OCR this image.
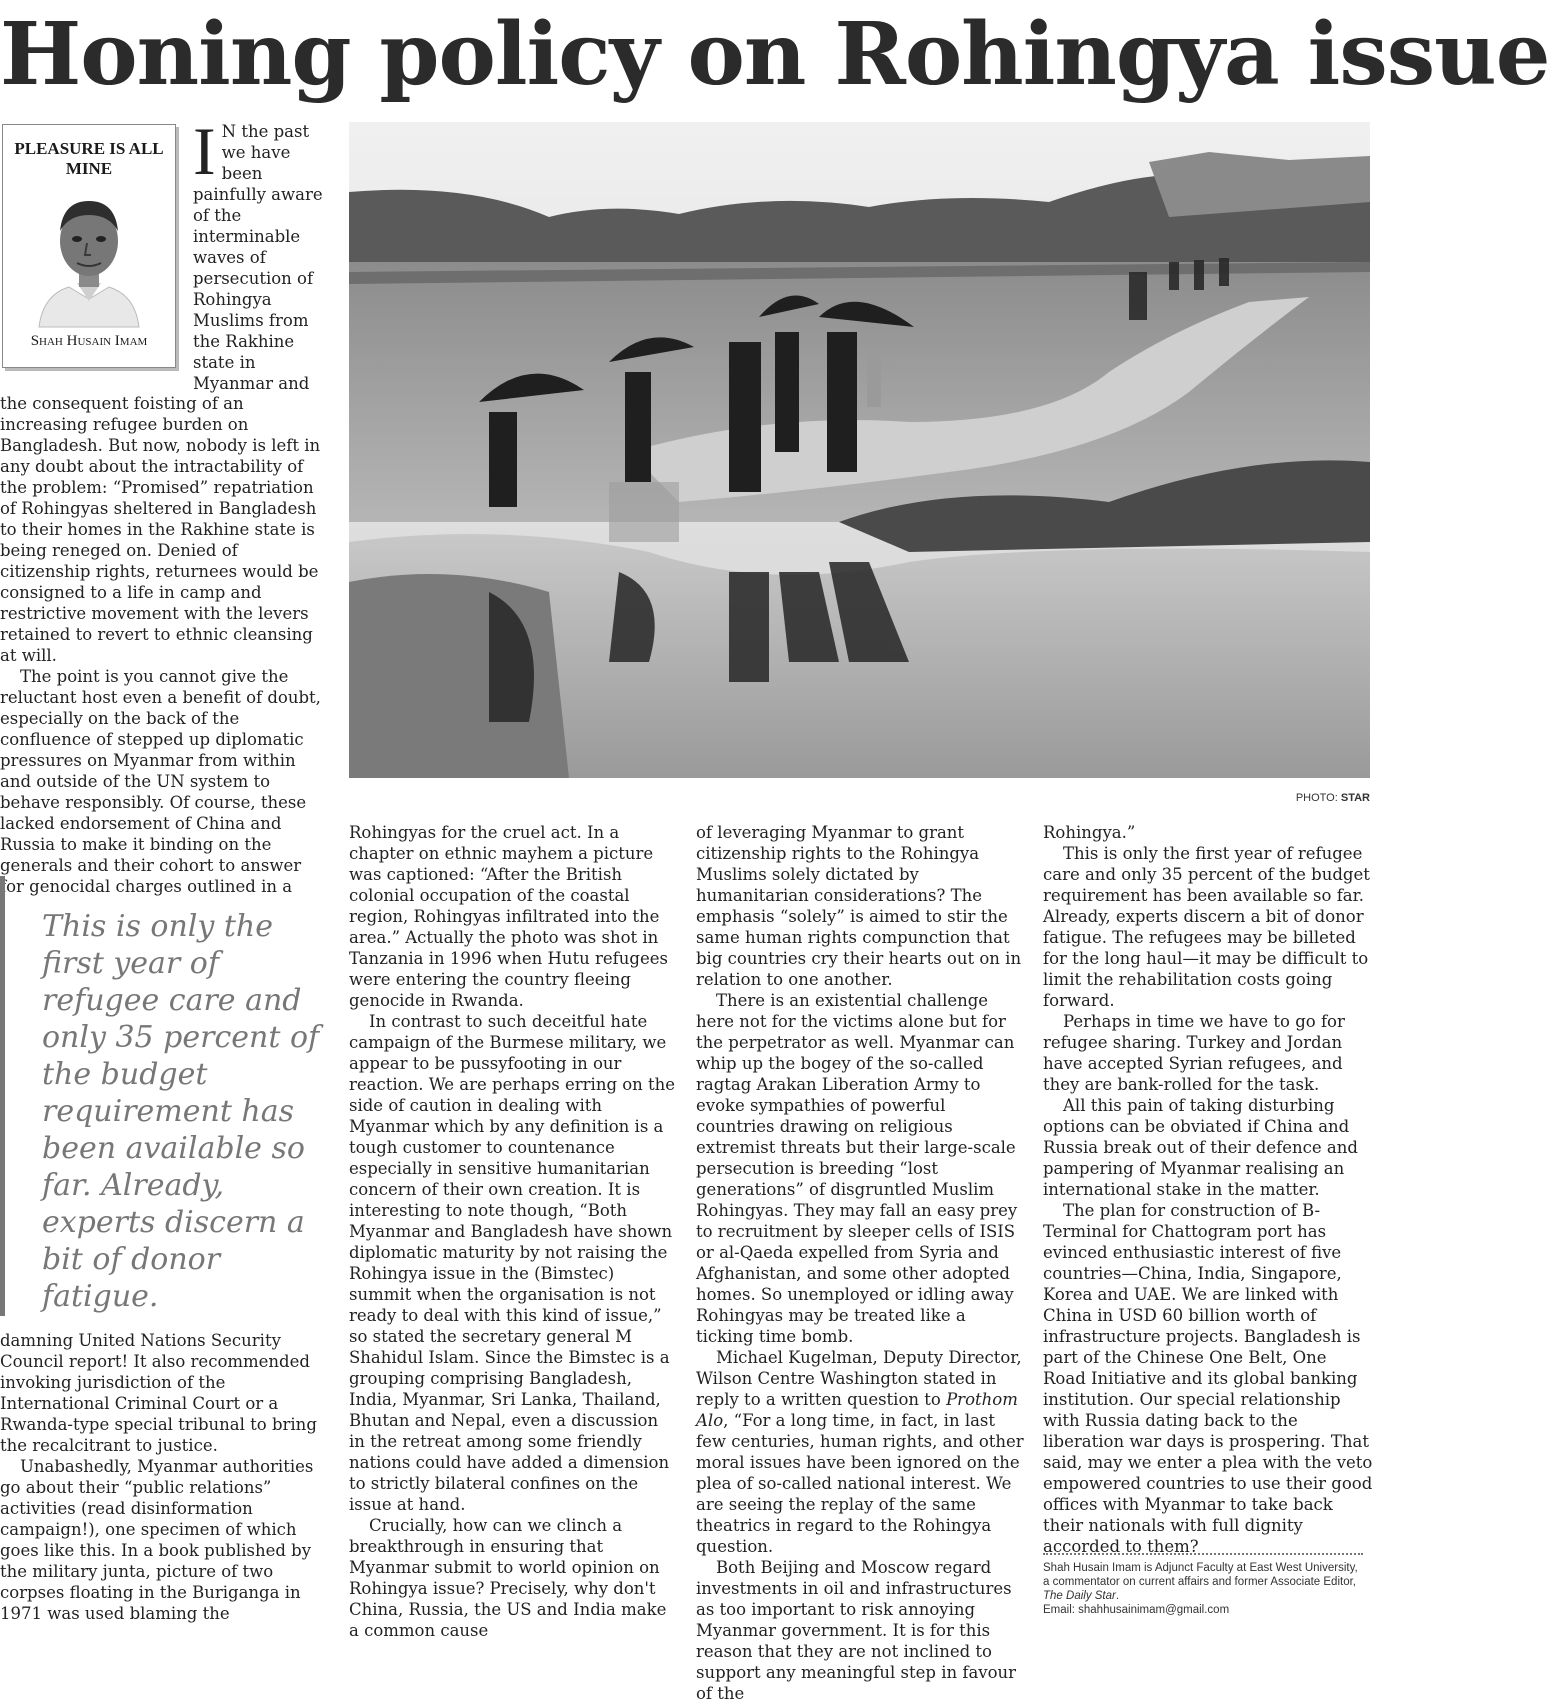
Honing policy on Rohingya issue
PLEASURE IS ALL MINE
Shah Husain Imam

I N the past we have been painfully aware of the interminable waves of persecution of Rohingya Muslims from the Rakhine state in Myanmar and

the consequent foisting of an increasing refugee burden on Bangladesh. But now, nobody is left in any doubt about the intractability of the problem: “Promised” repatriation of Rohingyas sheltered in Bangladesh to their homes in the Rakhine state is being reneged on. Denied of citizenship rights, returnees would be consigned to a life in camp and restrictive movement with the levers retained to revert to ethnic cleansing at will.

The point is you cannot give the reluctant host even a benefit of doubt, especially on the back of the confluence of stepped up diplomatic pressures on Myanmar from within and outside of the UN system to behave responsibly. Of course, these lacked endorsement of China and Russia to make it binding on the generals and their cohort to answer for genocidal charges outlined in a

PHOTO: STAR
This is only the first year of refugee care and only 35 percent of the budget requirement has been available so far. Already, experts discern a bit of donor fatigue.

damning United Nations Security Council report! It also recommended invoking jurisdiction of the International Criminal Court or a Rwanda-type special tribunal to bring the recalcitrant to justice.

Unabashedly, Myanmar authorities go about their “public relations” activities (read disinformation campaign!), one specimen of which goes like this. In a book published by the military junta, picture of two corpses floating in the Buriganga in 1971 was used blaming the

Rohingyas for the cruel act. In a chapter on ethnic mayhem a picture was captioned: “After the British colonial occupation of the coastal region, Rohingyas infiltrated into the area.” Actually the photo was shot in Tanzania in 1996 when Hutu refugees were entering the country fleeing genocide in Rwanda.

In contrast to such deceitful hate campaign of the Burmese military, we appear to be pussyfooting in our reaction. We are perhaps erring on the side of caution in dealing with Myanmar which by any definition is a tough customer to countenance especially in sensitive humanitarian concern of their own creation. It is interesting to note though, “Both Myanmar and Bangladesh have shown diplomatic maturity by not raising the Rohingya issue in the (Bimstec) summit when the organisation is not ready to deal with this kind of issue,” so stated the secretary general M Shahidul Islam. Since the Bimstec is a grouping comprising Bangladesh, India, Myanmar, Sri Lanka, Thailand, Bhutan and Nepal, even a discussion in the retreat among some friendly nations could have added a dimension to strictly bilateral confines on the issue at hand.

Crucially, how can we clinch a breakthrough in ensuring that Myanmar submit to world opinion on Rohingya issue? Precisely, why don't China, Russia, the US and India make a common cause

of leveraging Myanmar to grant citizenship rights to the Rohingya Muslims solely dictated by humanitarian considerations? The emphasis “solely” is aimed to stir the same human rights compunction that big countries cry their hearts out on in relation to one another.

There is an existential challenge here not for the victims alone but for the perpetrator as well. Myanmar can whip up the bogey of the so-called ragtag Arakan Liberation Army to evoke sympathies of powerful countries drawing on religious extremist threats but their large-scale persecution is breeding “lost generations” of disgruntled Muslim Rohingyas. They may fall an easy prey to recruitment by sleeper cells of ISIS or al-Qaeda expelled from Syria and Afghanistan, and some other adopted homes. So unemployed or idling away Rohingyas may be treated like a ticking time bomb.

Michael Kugelman, Deputy Director, Wilson Centre Washington stated in reply to a written question to Prothom Alo, “For a long time, in fact, in last few centuries, human rights, and other moral issues have been ignored on the plea of so-called national interest. We are seeing the replay of the same theatrics in regard to the Rohingya question.

Both Beijing and Moscow regard investments in oil and infrastructures as too important to risk annoying Myanmar government. It is for this reason that they are not inclined to support any meaningful step in favour of the

Rohingya.”

This is only the first year of refugee care and only 35 percent of the budget requirement has been available so far. Already, experts discern a bit of donor fatigue. The refugees may be billeted for the long haul—it may be difficult to limit the rehabilitation costs going forward.

Perhaps in time we have to go for refugee sharing. Turkey and Jordan have accepted Syrian refugees, and they are bank-rolled for the task.

All this pain of taking disturbing options can be obviated if China and Russia break out of their defence and pampering of Myanmar realising an international stake in the matter.

The plan for construction of B-Terminal for Chattogram port has evinced enthusiastic interest of five countries—China, India, Singapore, Korea and UAE. We are linked with China in USD 60 billion worth of infrastructure projects. Bangladesh is part of the Chinese One Belt, One Road Initiative and its global banking institution. Our special relationship with Russia dating back to the liberation war days is prospering. That said, may we enter a plea with the veto empowered countries to use their good offices with Myanmar to take back their nationals with full dignity accorded to them?

Shah Husain Imam is Adjunct Faculty at East West University, a commentator on current affairs and former Associate Editor, The Daily Star.
Email: shahhusainimam@gmail.com
